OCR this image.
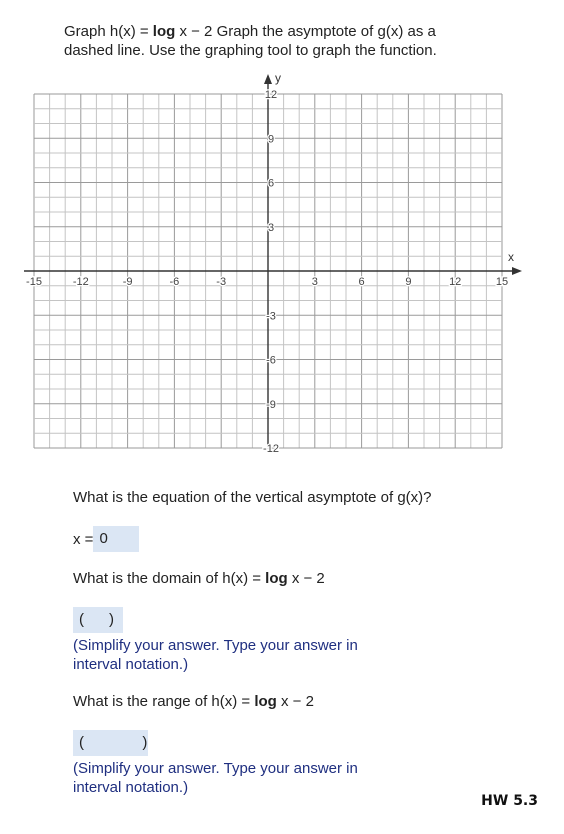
Graph h(x) = log x − 2 Graph the asymptote of g(x) as a
dashed line. Use the graphing tool to graph the function.
-15	-12	-9	-6	-3	3	6	9	12	15
12
9
6
3
-3
-6
-9
-12
x
y
What is the equation of the vertical asymptote of g(x)?
x = 0
What is the domain of h(x) = log x − 2
(      )
(Simplify your answer. Type your answer in interval notation.)
What is the range of h(x) = log x − 2
(              )
(Simplify your answer. Type your answer in interval notation.)
HW 5.3
